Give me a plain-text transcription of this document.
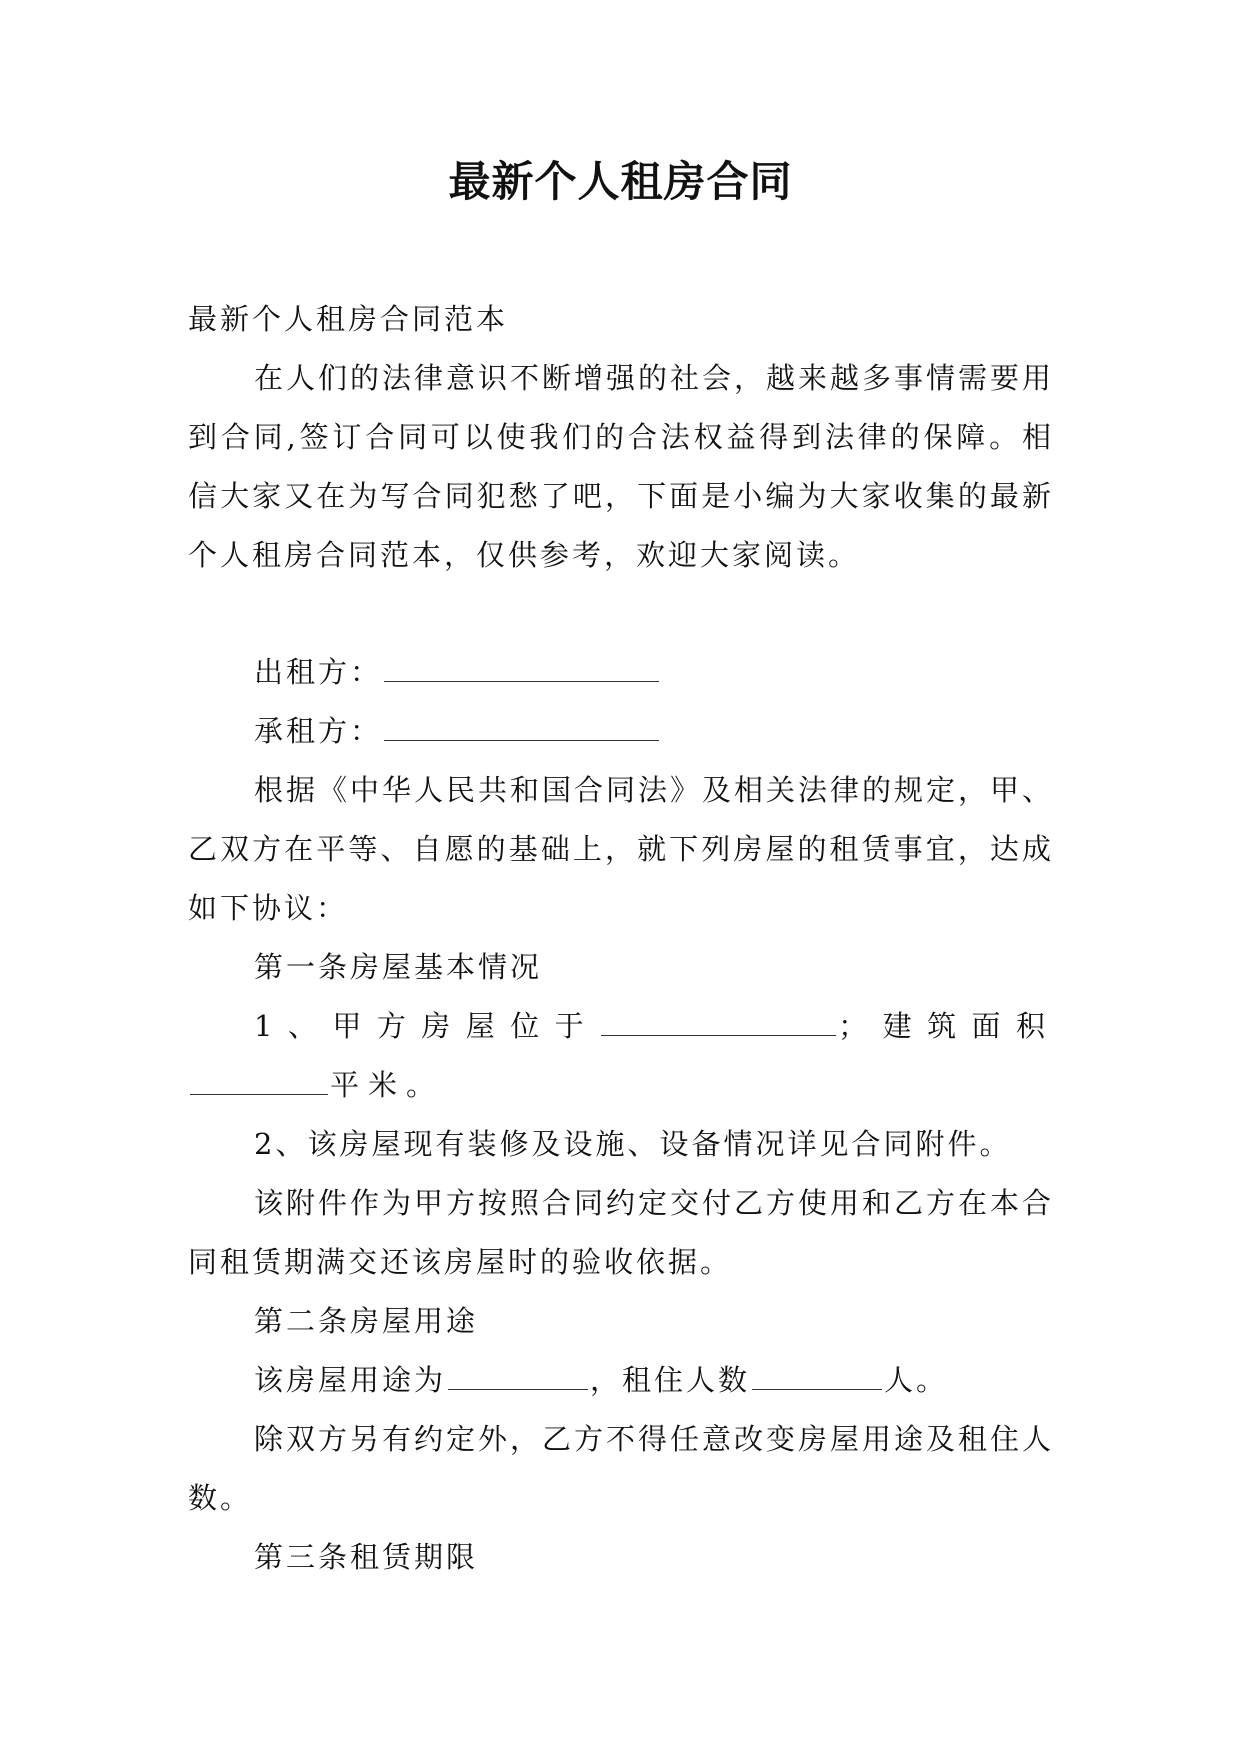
最新个人租房合同

最新个人租房合同范本

在人们的法律意识不断增强的社会，越来越多事情需要用到合同,签订合同可以使我们的合法权益得到法律的保障。相信大家又在为写合同犯愁了吧，下面是小编为大家收集的最新个人租房合同范本，仅供参考，欢迎大家阅读。

出租方：

承租方：

根据《中华人民共和国合同法》及相关法律的规定，甲、乙双方在平等、自愿的基础上，就下列房屋的租赁事宜，达成如下协议：

第一条房屋基本情况

1、甲方房屋位于	；建筑面积平米。

2、该房屋现有装修及设施、设备情况详见合同附件。

该附件作为甲方按照合同约定交付乙方使用和乙方在本合同租赁期满交还该房屋时的验收依据。

第二条房屋用途

该房屋用途为	，租住人数	人。

除双方另有约定外，乙方不得任意改变房屋用途及租住人数。

第三条租赁期限
